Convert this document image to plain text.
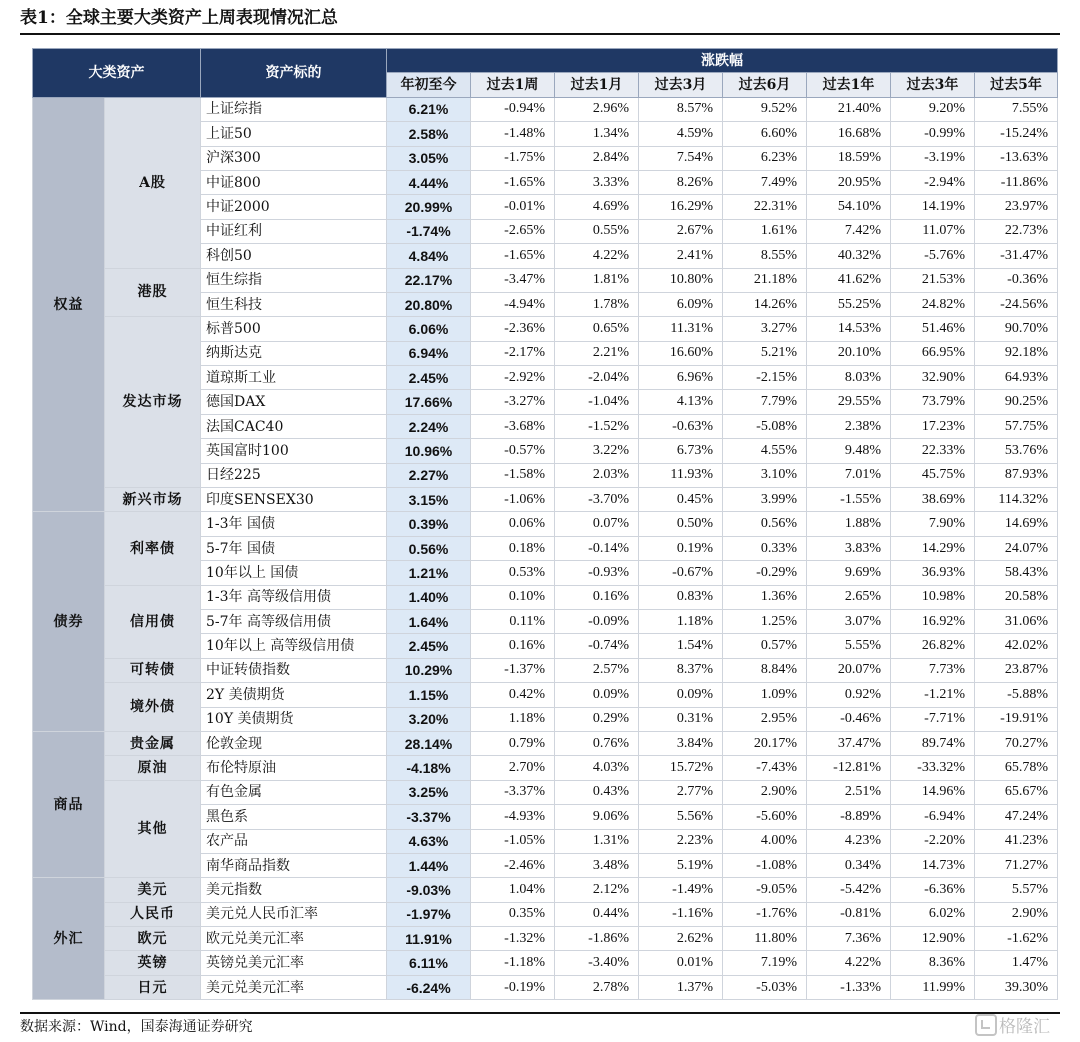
表1：全球主要大类资产上周表现情况汇总
大类资产		资产标的	涨跌幅							
			年初至今	过去1周	过去1月	过去3月	过去6月	过去1年	过去3年	过去5年
权益	A股	上证综指	6.21%	-0.94%	2.96%	8.57%	9.52%	21.40%	9.20%	7.55%
		上证50	2.58%	-1.48%	1.34%	4.59%	6.60%	16.68%	-0.99%	-15.24%
		沪深300	3.05%	-1.75%	2.84%	7.54%	6.23%	18.59%	-3.19%	-13.63%
		中证800	4.44%	-1.65%	3.33%	8.26%	7.49%	20.95%	-2.94%	-11.86%
		中证2000	20.99%	-0.01%	4.69%	16.29%	22.31%	54.10%	14.19%	23.97%
		中证红利	-1.74%	-2.65%	0.55%	2.67%	1.61%	7.42%	11.07%	22.73%
		科创50	4.84%	-1.65%	4.22%	2.41%	8.55%	40.32%	-5.76%	-31.47%
	港股	恒生综指	22.17%	-3.47%	1.81%	10.80%	21.18%	41.62%	21.53%	-0.36%
		恒生科技	20.80%	-4.94%	1.78%	6.09%	14.26%	55.25%	24.82%	-24.56%
	发达市场	标普500	6.06%	-2.36%	0.65%	11.31%	3.27%	14.53%	51.46%	90.70%
		纳斯达克	6.94%	-2.17%	2.21%	16.60%	5.21%	20.10%	66.95%	92.18%
		道琼斯工业	2.45%	-2.92%	-2.04%	6.96%	-2.15%	8.03%	32.90%	64.93%
		德国DAX	17.66%	-3.27%	-1.04%	4.13%	7.79%	29.55%	73.79%	90.25%
		法国CAC40	2.24%	-3.68%	-1.52%	-0.63%	-5.08%	2.38%	17.23%	57.75%
		英国富时100	10.96%	-0.57%	3.22%	6.73%	4.55%	9.48%	22.33%	53.76%
		日经225	2.27%	-1.58%	2.03%	11.93%	3.10%	7.01%	45.75%	87.93%
	新兴市场	印度SENSEX30	3.15%	-1.06%	-3.70%	0.45%	3.99%	-1.55%	38.69%	114.32%
债券	利率债	1-3年 国债	0.39%	0.06%	0.07%	0.50%	0.56%	1.88%	7.90%	14.69%
		5-7年 国债	0.56%	0.18%	-0.14%	0.19%	0.33%	3.83%	14.29%	24.07%
		10年以上 国债	1.21%	0.53%	-0.93%	-0.67%	-0.29%	9.69%	36.93%	58.43%
	信用债	1-3年 高等级信用债	1.40%	0.10%	0.16%	0.83%	1.36%	2.65%	10.98%	20.58%
		5-7年 高等级信用债	1.64%	0.11%	-0.09%	1.18%	1.25%	3.07%	16.92%	31.06%
		10年以上 高等级信用债	2.45%	0.16%	-0.74%	1.54%	0.57%	5.55%	26.82%	42.02%
	可转债	中证转债指数	10.29%	-1.37%	2.57%	8.37%	8.84%	20.07%	7.73%	23.87%
	境外债	2Y 美债期货	1.15%	0.42%	0.09%	0.09%	1.09%	0.92%	-1.21%	-5.88%
		10Y 美债期货	3.20%	1.18%	0.29%	0.31%	2.95%	-0.46%	-7.71%	-19.91%
商品	贵金属	伦敦金现	28.14%	0.79%	0.76%	3.84%	20.17%	37.47%	89.74%	70.27%
	原油	布伦特原油	-4.18%	2.70%	4.03%	15.72%	-7.43%	-12.81%	-33.32%	65.78%
	其他	有色金属	3.25%	-3.37%	0.43%	2.77%	2.90%	2.51%	14.96%	65.67%
		黑色系	-3.37%	-4.93%	9.06%	5.56%	-5.60%	-8.89%	-6.94%	47.24%
		农产品	4.63%	-1.05%	1.31%	2.23%	4.00%	4.23%	-2.20%	41.23%
		南华商品指数	1.44%	-2.46%	3.48%	5.19%	-1.08%	0.34%	14.73%	71.27%
外汇	美元	美元指数	-9.03%	1.04%	2.12%	-1.49%	-9.05%	-5.42%	-6.36%	5.57%
	人民币	美元兑人民币汇率	-1.97%	0.35%	0.44%	-1.16%	-1.76%	-0.81%	6.02%	2.90%
	欧元	欧元兑美元汇率	11.91%	-1.32%	-1.86%	2.62%	11.80%	7.36%	12.90%	-1.62%
	英镑	英镑兑美元汇率	6.11%	-1.18%	-3.40%	0.01%	7.19%	4.22%	8.36%	1.47%
	日元	美元兑美元汇率	-6.24%	-0.19%	2.78%	1.37%	-5.03%	-1.33%	11.99%	39.30%
数据来源：Wind，国泰海通证券研究	格隆汇
